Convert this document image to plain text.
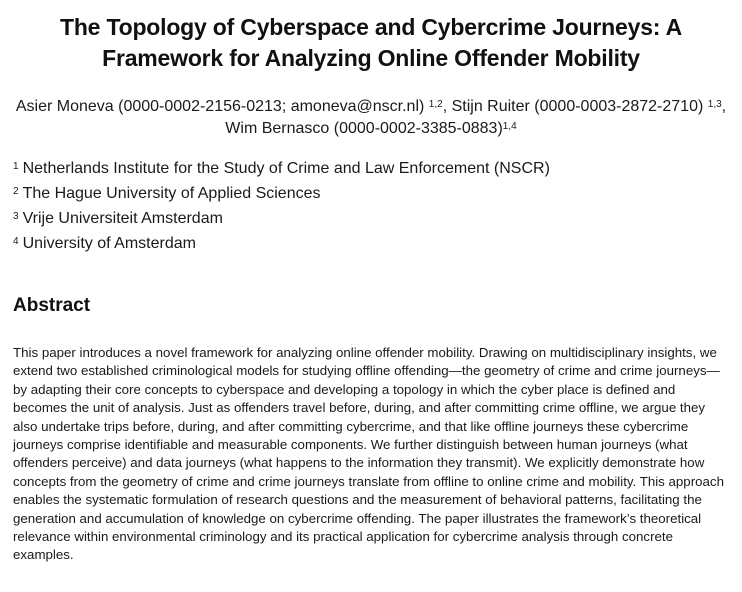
The Topology of Cyberspace and Cybercrime Journeys: A
Framework for Analyzing Online Offender Mobility

Asier Moneva (0000-0002-2156-0213; amoneva@nscr.nl) $^{1,2}$, Stijn Ruiter (0000-0003-2872-2710) $^{1,3}$, Wim Bernasco $(0000-0002-3385-0883)^{1,4}$

$^1$ Netherlands Institute for the Study of Crime and Law Enforcement (NSCR)
$^2$ The Hague University of Applied Sciences
$^3$ Vrije Universiteit Amsterdam
$^4$ University of Amsterdam
Abstract

This paper introduces a novel framework for analyzing online offender mobility. Drawing on multidisciplinary insights, we extend two established criminological models for studying offline offending—the geometry of crime and crime journeys—by adapting their core concepts to cyberspace and developing a topology in which the cyber place is defined and becomes the unit of analysis. Just as offenders travel before, during, and after committing crime offline, we argue they also undertake trips before, during, and after committing cybercrime, and that like offline journeys these cybercrime journeys comprise identifiable and measurable components. We further distinguish between human journeys (what offenders perceive) and data journeys (what happens to the information they transmit). We explicitly demonstrate how concepts from the geometry of crime and crime journeys translate from offline to online crime and mobility. This approach enables the systematic formulation of research questions and the measurement of behavioral patterns, facilitating the generation and accumulation of knowledge on cybercrime offending. The paper illustrates the framework’s theoretical relevance within environmental criminology and its practical application for cybercrime analysis through concrete examples.
